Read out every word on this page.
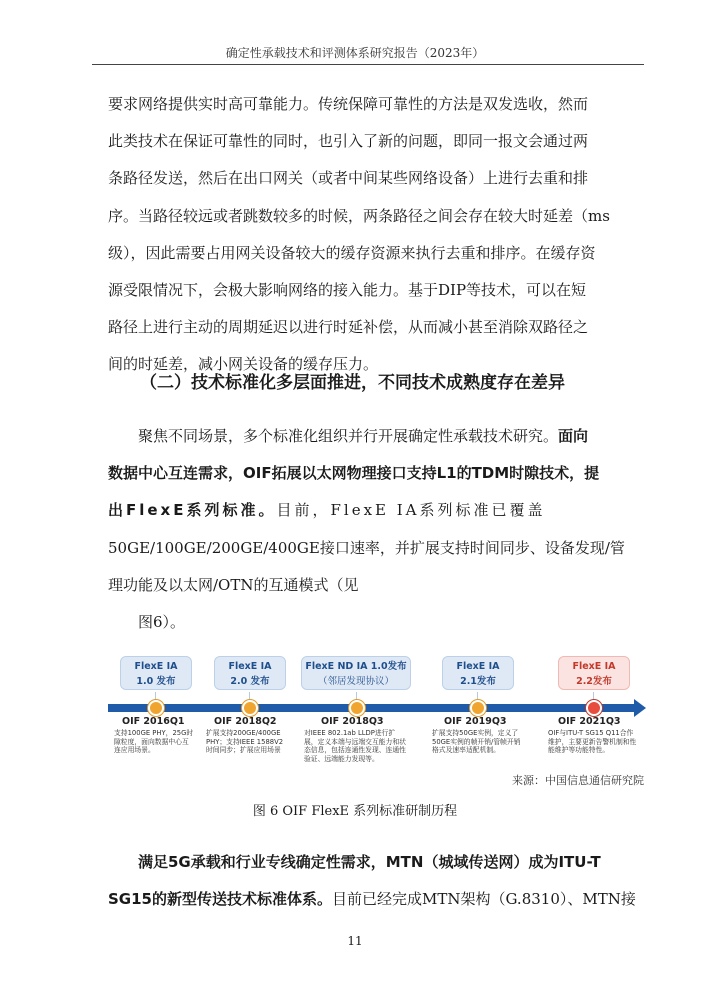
确定性承载技术和评测体系研究报告（2023年）
要求网络提供实时高可靠能力。传统保障可靠性的方法是双发选收，然而
此类技术在保证可靠性的同时，也引入了新的问题，即同一报文会通过两
条路径发送，然后在出口网关（或者中间某些网络设备）上进行去重和排
序。当路径较远或者跳数较多的时候，两条路径之间会存在较大时延差（ms
级），因此需要占用网关设备较大的缓存资源来执行去重和排序。在缓存资
源受限情况下，会极大影响网络的接入能力。基于DIP等技术，可以在短
路径上进行主动的周期延迟以进行时延补偿，从而减小甚至消除双路径之
间的时延差，减小网关设备的缓存压力。
（二）技术标准化多层面推进，不同技术成熟度存在差异
聚焦不同场景，多个标准化组织并行开展确定性承载技术研究。面向
数据中心互连需求，OIF拓展以太网物理接口支持L1的TDM时隙技术，提
出FlexE系列标准。目前，FlexE IA系列标准已覆盖
50GE/100GE/200GE/400GE接口速率，并扩展支持时间同步、设备发现/管
理功能及以太网/OTN的互通模式（见
图6）。
FlexE IA
1.0 发布
OIF 2016Q1
支持100GE PHY，25G时隙粒度，面向数据中心互连应用场景。
FlexE IA
2.0 发布
OIF 2018Q2
扩展支持200GE/400GE PHY；支持IEEE 1588V2时间同步；扩展应用场景
FlexE ND IA 1.0发布
（邻居发现协议）
OIF 2018Q3
对IEEE 802.1ab LLDP进行扩展，定义本端与远端交互能力和状态信息，包括连通性发现、连通性验证、远端能力发现等。
FlexE IA
2.1发布
OIF 2019Q3
扩展支持50GE实例，定义了50GE实例的帧开销/管帧开销格式及速率适配机制。
FlexE IA
2.2发布
OIF 2021Q3
OIF与ITU-T SG15 Q11合作维护，主要更新告警机制和性能维护等功能特性。
来源：中国信息通信研究院
图 6 OIF FlexE 系列标准研制历程
满足5G承载和行业专线确定性需求，MTN（城域传送网）成为ITU-T
SG15的新型传送技术标准体系。目前已经完成MTN架构（G.8310）、MTN接
11
